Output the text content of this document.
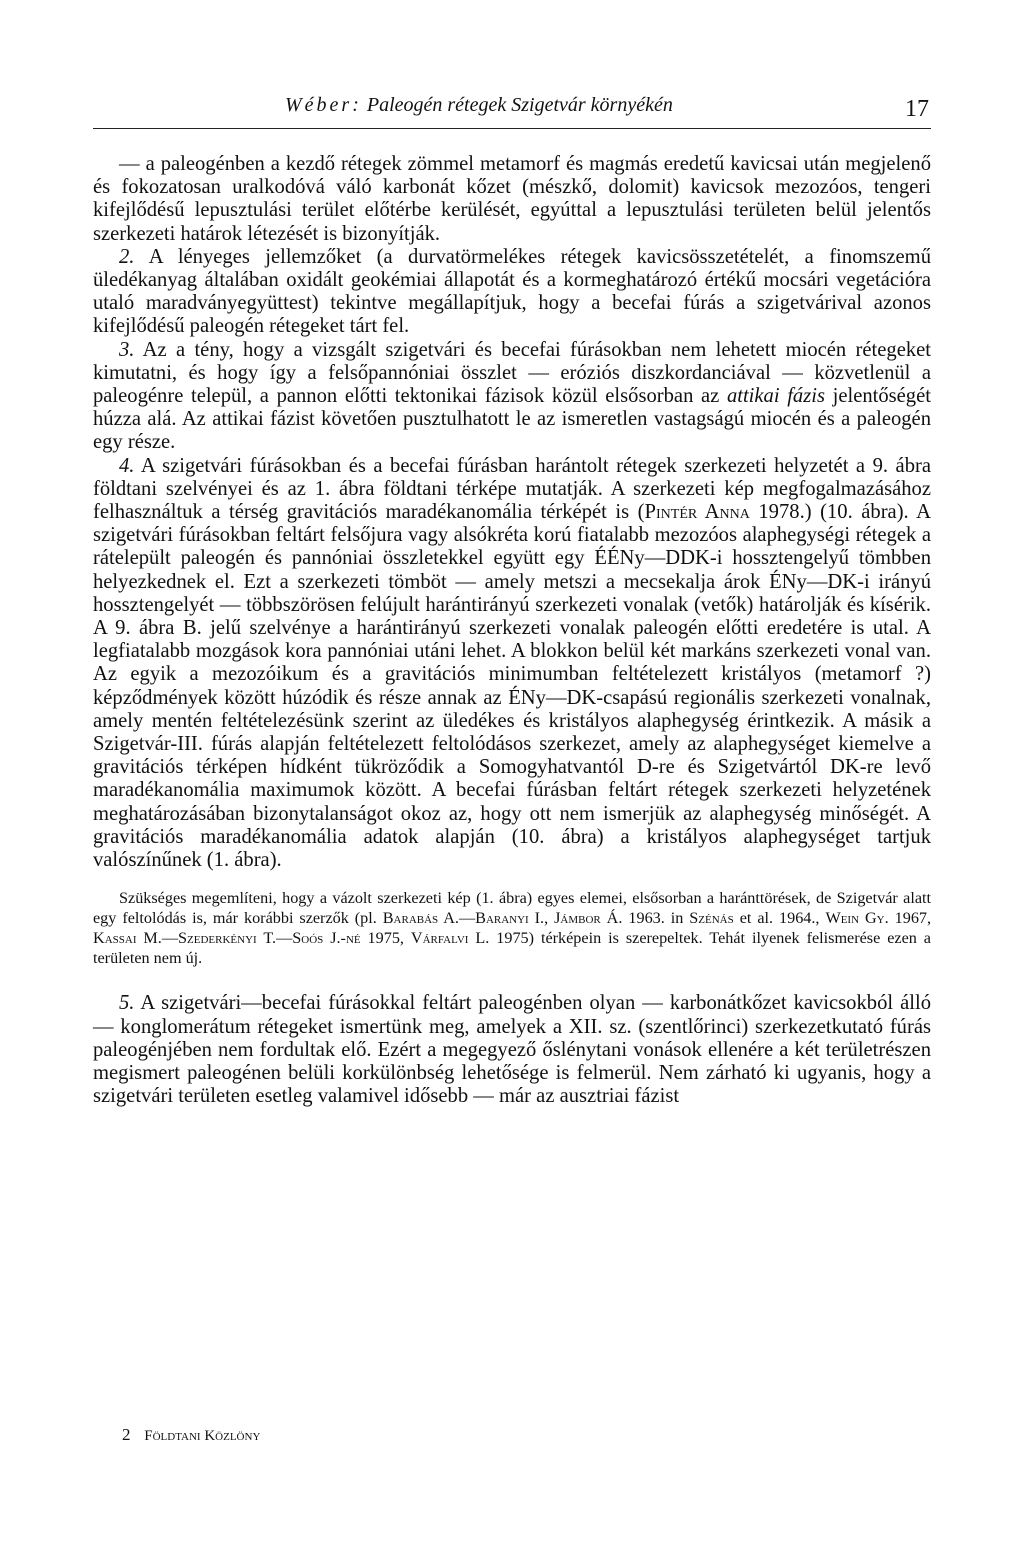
Wéber: Paleogén rétegek Szigetvár környékén	17

— a paleogénben a kezdő rétegek zömmel metamorf és magmás eredetű kavicsai után megjelenő és fokozatosan uralkodóvá váló karbonát kőzet (mészkő, dolomit) kavicsok mezozóos, tengeri kifejlődésű lepusztulási terület előtérbe kerülését, egyúttal a lepusztulási területen belül jelentős szerkezeti határok létezését is bizonyítják.

2. A lényeges jellemzőket (a durvatörmelékes rétegek kavicsösszetételét, a finomszemű üledékanyag általában oxidált geokémiai állapotát és a kormeghatározó értékű mocsári vegetációra utaló maradványegyüttest) tekintve megállapítjuk, hogy a becefai fúrás a szigetvárival azonos kifejlődésű paleogén rétegeket tárt fel.

3. Az a tény, hogy a vizsgált szigetvári és becefai fúrásokban nem lehetett miocén rétegeket kimutatni, és hogy így a felsőpannóniai összlet — eróziós diszkordanciával — közvetlenül a paleogénre települ, a pannon előtti tektonikai fázisok közül elsősorban az attikai fázis jelentőségét húzza alá. Az attikai fázist követően pusztulhatott le az ismeretlen vastagságú miocén és a paleogén egy része.

4. A szigetvári fúrásokban és a becefai fúrásban harántolt rétegek szerkezeti helyzetét a 9. ábra földtani szelvényei és az 1. ábra földtani térképe mutatják. A szerkezeti kép megfogalmazásához felhasználtuk a térség gravitációs maradékanomália térképét is (Pintér Anna 1978.) (10. ábra). A szigetvári fúrásokban feltárt felsőjura vagy alsókréta korú fiatalabb mezozóos alaphegységi rétegek a rátelepült paleogén és pannóniai összletekkel együtt egy ÉÉNy—DDK-i hossztengelyű tömbben helyezkednek el. Ezt a szerkezeti tömböt — amely metszi a mecsekalja árok ÉNy—DK-i irányú hossztengelyét — többszörösen felújult harántirányú szerkezeti vonalak (vetők) határolják és kísérik. A 9. ábra B. jelű szelvénye a harántirányú szerkezeti vonalak paleogén előtti eredetére is utal. A legfiatalabb mozgások kora pannóniai utáni lehet. A blokkon belül két markáns szerkezeti vonal van. Az egyik a mezozóikum és a gravitációs minimumban feltételezett kristályos (metamorf ?) képződmények között húzódik és része annak az ÉNy—DK-csapású regionális szerkezeti vonalnak, amely mentén feltételezésünk szerint az üledékes és kristályos alaphegység érintkezik. A másik a Szigetvár-III. fúrás alapján feltételezett feltolódásos szerkezet, amely az alaphegységet kiemelve a gravitációs térképen hídként tükröződik a Somogyhatvantól D-re és Szigetvártól DK-re levő maradékanomália maximumok között. A becefai fúrásban feltárt rétegek szerkezeti helyzetének meghatározásában bizonytalanságot okoz az, hogy ott nem ismerjük az alaphegység minőségét. A gravitációs maradékanomália adatok alapján (10. ábra) a kristályos alaphegységet tartjuk valószínűnek (1. ábra).

Szükséges megemlíteni, hogy a vázolt szerkezeti kép (1. ábra) egyes elemei, elsősorban a haránttörések, de Szigetvár alatt egy feltolódás is, már korábbi szerzők (pl. Barabás A.—Baranyi I., Jámbor Á. 1963. in Szénás et al. 1964., Wein Gy. 1967, Kassai M.—Szederkényi T.—Soós J.-né 1975, Várfalvi L. 1975) térképein is szerepeltek. Tehát ilyenek felismerése ezen a területen nem új.

5. A szigetvári—becefai fúrásokkal feltárt paleogénben olyan — karbonátkőzet kavicsokból álló — konglomerátum rétegeket ismertünk meg, amelyek a XII. sz. (szentlőrinci) szerkezetkutató fúrás paleogénjében nem fordultak elő. Ezért a megegyező őslénytani vonások ellenére a két területrészen megismert paleogénen belüli korkülönbség lehetősége is felmerül. Nem zárható ki ugyanis, hogy a szigetvári területen esetleg valamivel idősebb — már az ausztriai fázist

2 Földtani Közlöny
